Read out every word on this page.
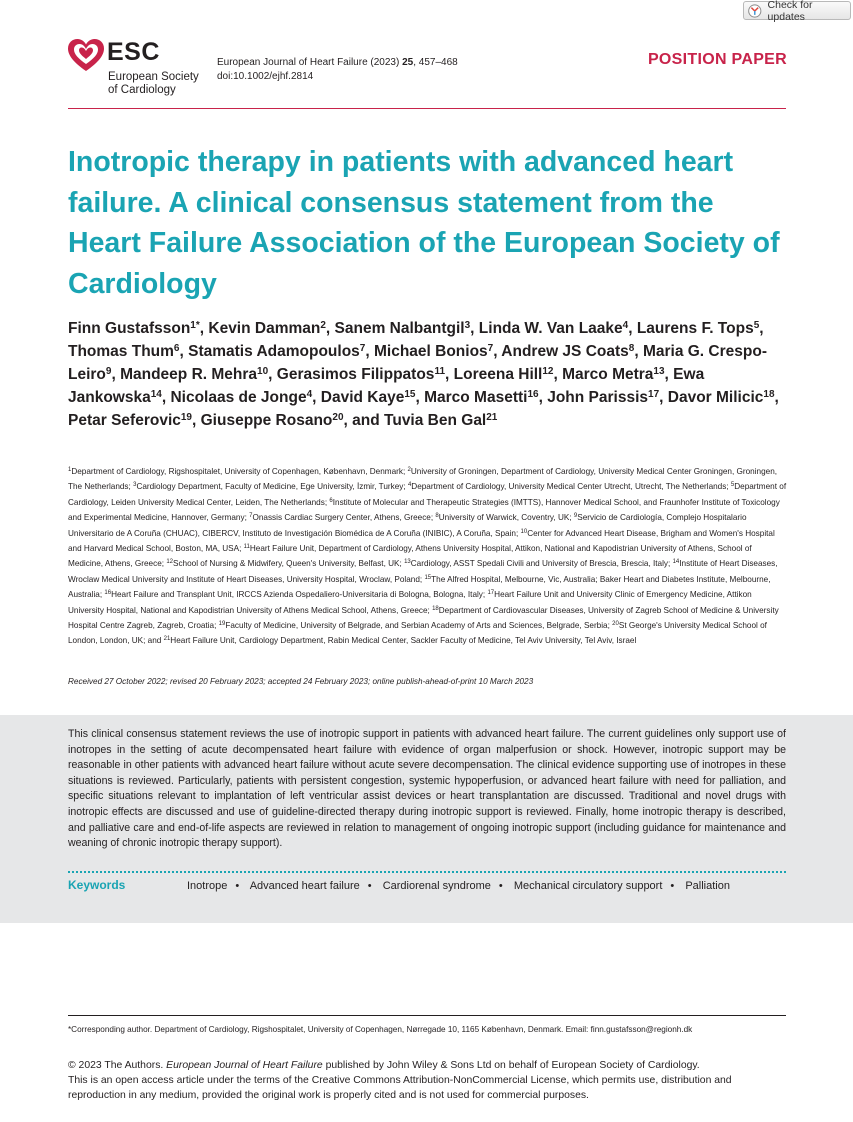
Check for updates
ESC
European Society
of Cardiology
European Journal of Heart Failure (2023) 25, 457–468
doi:10.1002/ejhf.2814
POSITION PAPER
Inotropic therapy in patients with advanced heart failure. A clinical consensus statement from the Heart Failure Association of the European Society of Cardiology
Finn Gustafsson$^{1*}$, Kevin Damman$^2$, Sanem Nalbantgil$^3$, Linda W. Van Laake$^4$, Laurens F. Tops$^5$, Thomas Thum$^6$, Stamatis Adamopoulos$^7$, Michael Bonios$^7$, Andrew JS Coats$^8$, Maria G. Crespo-Leiro$^9$, Mandeep R. Mehra$^{10}$, Gerasimos Filippatos$^{11}$, Loreena Hill$^{12}$, Marco Metra$^{13}$, Ewa Jankowska$^{14}$, Nicolaas de Jonge$^4$, David Kaye$^{15}$, Marco Masetti$^{16}$, John Parissis$^{17}$, Davor Milicic$^{18}$, Petar Seferovic$^{19}$, Giuseppe Rosano$^{20}$, and Tuvia Ben Gal$^{21}$
$^1$Department of Cardiology, Rigshospitalet, University of Copenhagen, København, Denmark; $^2$University of Groningen, Department of Cardiology, University Medical Center Groningen, Groningen, The Netherlands; $^3$Cardiology Department, Faculty of Medicine, Ege University, İzmir, Turkey; $^4$Department of Cardiology, University Medical Center Utrecht, Utrecht, The Netherlands; $^5$Department of Cardiology, Leiden University Medical Center, Leiden, The Netherlands; $^6$Institute of Molecular and Therapeutic Strategies (IMTTS), Hannover Medical School, and Fraunhofer Institute of Toxicology and Experimental Medicine, Hannover, Germany; $^7$Onassis Cardiac Surgery Center, Athens, Greece; $^8$University of Warwick, Coventry, UK; $^9$Servicio de Cardiología, Complejo Hospitalario Universitario de A Coruña (CHUAC), CIBERCV, Instituto de Investigación Biomédica de A Coruña (INIBIC), A Coruña, Spain; $^{10}$Center for Advanced Heart Disease, Brigham and Women's Hospital and Harvard Medical School, Boston, MA, USA; $^{11}$Heart Failure Unit, Department of Cardiology, Athens University Hospital, Attikon, National and Kapodistrian University of Athens, School of Medicine, Athens, Greece; $^{12}$School of Nursing & Midwifery, Queen's University, Belfast, UK; $^{13}$Cardiology, ASST Spedali Civili and University of Brescia, Brescia, Italy; $^{14}$Institute of Heart Diseases, Wroclaw Medical University and Institute of Heart Diseases, University Hospital, Wroclaw, Poland; $^{15}$The Alfred Hospital, Melbourne, Vic, Australia; Baker Heart and Diabetes Institute, Melbourne, Australia; $^{16}$Heart Failure and Transplant Unit, IRCCS Azienda Ospedaliero-Universitaria di Bologna, Bologna, Italy; $^{17}$Heart Failure Unit and University Clinic of Emergency Medicine, Attikon University Hospital, National and Kapodistrian University of Athens Medical School, Athens, Greece; $^{18}$Department of Cardiovascular Diseases, University of Zagreb School of Medicine & University Hospital Centre Zagreb, Zagreb, Croatia; $^{19}$Faculty of Medicine, University of Belgrade, and Serbian Academy of Arts and Sciences, Belgrade, Serbia; $^{20}$St George's University Medical School of London, London, UK; and $^{21}$Heart Failure Unit, Cardiology Department, Rabin Medical Center, Sackler Faculty of Medicine, Tel Aviv University, Tel Aviv, Israel
Received 27 October 2022; revised 20 February 2023; accepted 24 February 2023; online publish-ahead-of-print 10 March 2023
This clinical consensus statement reviews the use of inotropic support in patients with advanced heart failure. The current guidelines only support use of inotropes in the setting of acute decompensated heart failure with evidence of organ malperfusion or shock. However, inotropic support may be reasonable in other patients with advanced heart failure without acute severe decompensation. The clinical evidence supporting use of inotropes in these situations is reviewed. Particularly, patients with persistent congestion, systemic hypoperfusion, or advanced heart failure with need for palliation, and specific situations relevant to implantation of left ventricular assist devices or heart transplantation are discussed. Traditional and novel drugs with inotropic effects are discussed and use of guideline-directed therapy during inotropic support is reviewed. Finally, home inotropic therapy is described, and palliative care and end-of-life aspects are reviewed in relation to management of ongoing inotropic support (including guidance for maintenance and weaning of chronic inotropic therapy support).
Keywords	Inotrope • Advanced heart failure • Cardiorenal syndrome • Mechanical circulatory support • Palliation
*Corresponding author. Department of Cardiology, Rigshospitalet, University of Copenhagen, Nørregade 10, 1165 København, Denmark. Email: finn.gustafsson@regionh.dk
© 2023 The Authors. European Journal of Heart Failure published by John Wiley & Sons Ltd on behalf of European Society of Cardiology.
This is an open access article under the terms of the Creative Commons Attribution-NonCommercial License, which permits use, distribution and reproduction in any medium, provided the original work is properly cited and is not used for commercial purposes.
